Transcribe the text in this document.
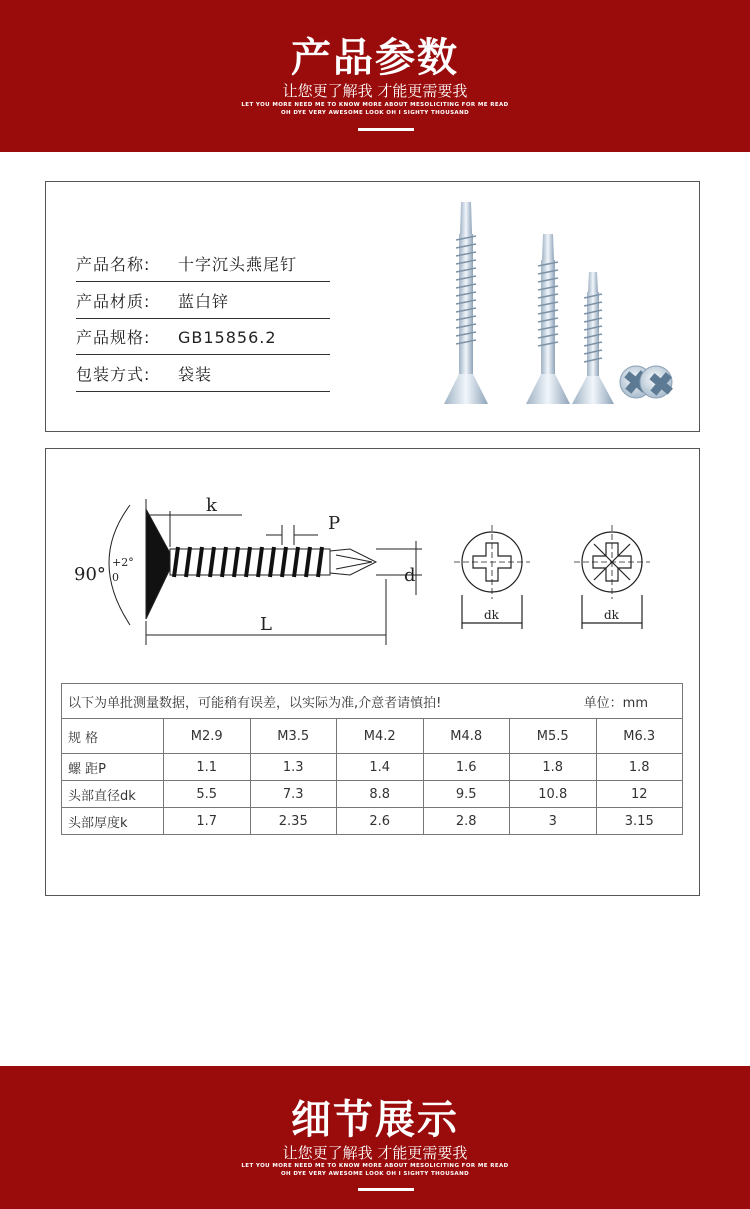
产品参数
让您更了解我 才能更需要我
LET YOU MORE NEED ME TO KNOW MORE ABOUT MESOLICITING FOR ME READ
OH DYE VERY AWESOME LOOK OH I SIGHTY THOUSAND
产品名称: 十字沉头燕尾钉
产品材质: 蓝白锌
产品规格: GB15856.2
包装方式: 袋装
k
P
d
L
90°
+2°
0
dk	dk
以下为单批测量数据，可能稍有误差，以实际为准,介意者请慎拍! 单位：mm						

规 格	M2.9	M3.5	M4.2	M4.8	M5.5	M6.3
螺 距P	1.1	1.3	1.4	1.6	1.8	1.8
头部直径dk	5.5	7.3	8.8	9.5	10.8	12
头部厚度k	1.7	2.35	2.6	2.8	3	3.15
细节展示
让您更了解我 才能更需要我
LET YOU MORE NEED ME TO KNOW MORE ABOUT MESOLICITING FOR ME READ
OH DYE VERY AWESOME LOOK OH I SIGHTY THOUSAND
